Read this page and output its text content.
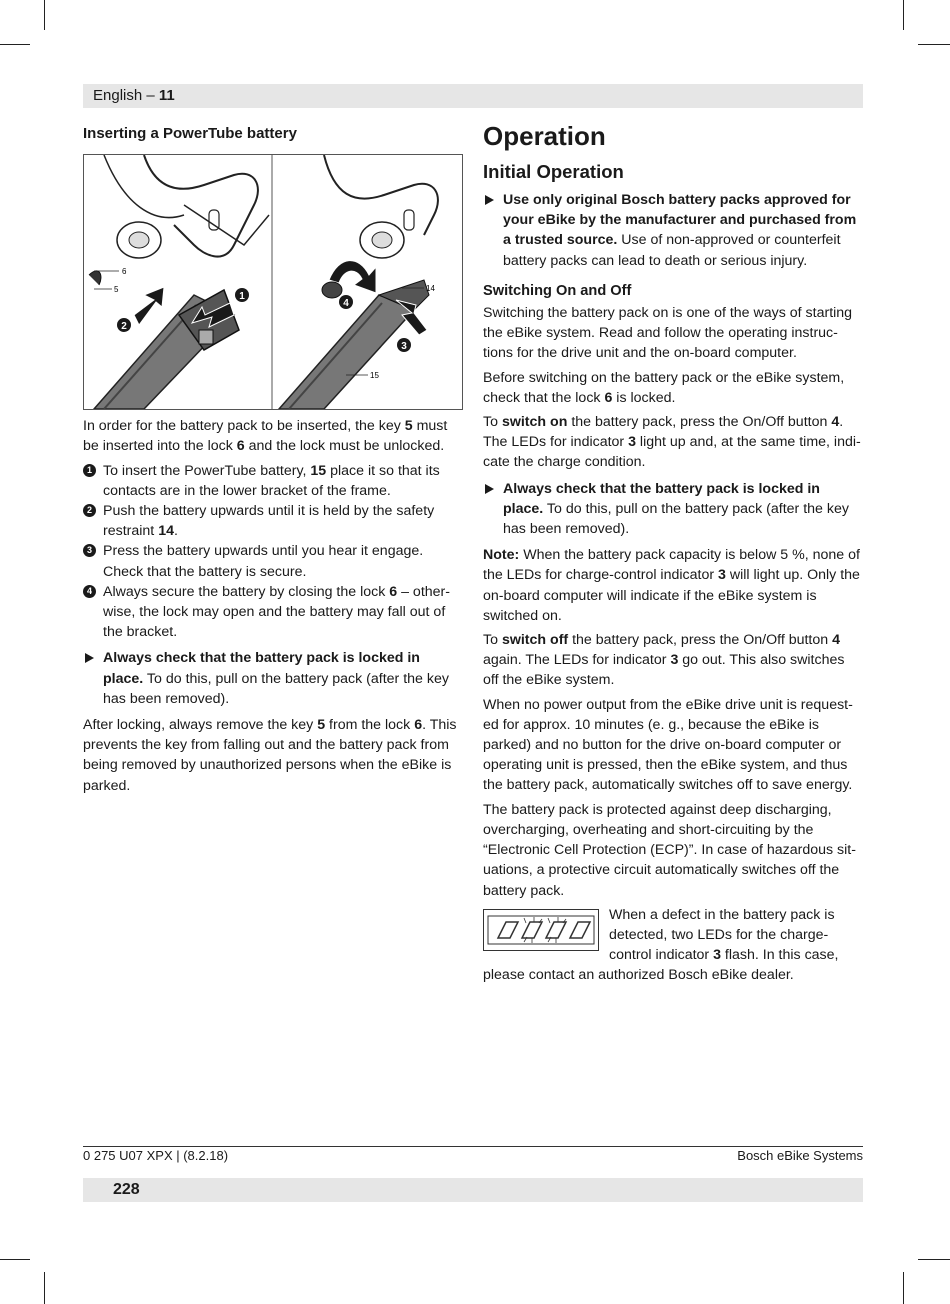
English – 11
Inserting a PowerTube battery
1
2
6
5
4
3
14
15

In order for the battery pack to be inserted, the key 5 must be inserted into the lock 6 and the lock must be unlocked.

1 To insert the PowerTube battery, 15 place it so that its contacts are in the lower bracket of the frame.
2 Push the battery upwards until it is held by the safety restraint 14.
3 Press the battery upwards until you hear it engage. Check that the battery is secure.
4 Always secure the battery by closing the lock 6 – other-wise, the lock may open and the battery may fall out of the bracket.
Always check that the battery pack is locked in place. To do this, pull on the battery pack (after the key has been removed).

After locking, always remove the key 5 from the lock 6. This prevents the key from falling out and the battery pack from being removed by unauthorized persons when the eBike is parked.

Operation
Initial Operation
Use only original Bosch battery packs approved for your eBike by the manufacturer and purchased from a trusted source. Use of non-approved or counterfeit battery packs can lead to death or serious injury.
Switching On and Off

Switching the battery pack on is one of the ways of starting the eBike system. Read and follow the operating instruc-tions for the drive unit and the on-board computer.

Before switching on the battery pack or the eBike system, check that the lock 6 is locked.

To switch on the battery pack, press the On/Off button 4. The LEDs for indicator 3 light up and, at the same time, indi-cate the charge condition.

Always check that the battery pack is locked in place. To do this, pull on the battery pack (after the key has been removed).

Note: When the battery pack capacity is below 5 %, none of the LEDs for charge-control indicator 3 will light up. Only the on-board computer will indicate if the eBike system is switched on.

To switch off the battery pack, press the On/Off button 4 again. The LEDs for indicator 3 go out. This also switches off the eBike system.

When no power output from the eBike drive unit is request-ed for approx. 10 minutes (e. g., because the eBike is parked) and no button for the drive on-board computer or operating unit is pressed, then the eBike system, and thus the battery pack, automatically switches off to save energy.

The battery pack is protected against deep discharging, overcharging, overheating and short-circuiting by the “Electronic Cell Protection (ECP)”. In case of hazardous sit-uations, a protective circuit automatically switches off the battery pack.

When a defect in the battery pack is detected, two LEDs for the charge-control indicator 3 flash. In this case, please contact an authorized Bosch eBike dealer.

0 275 U07 XPX | (8.2.18)	Bosch eBike Systems
228
